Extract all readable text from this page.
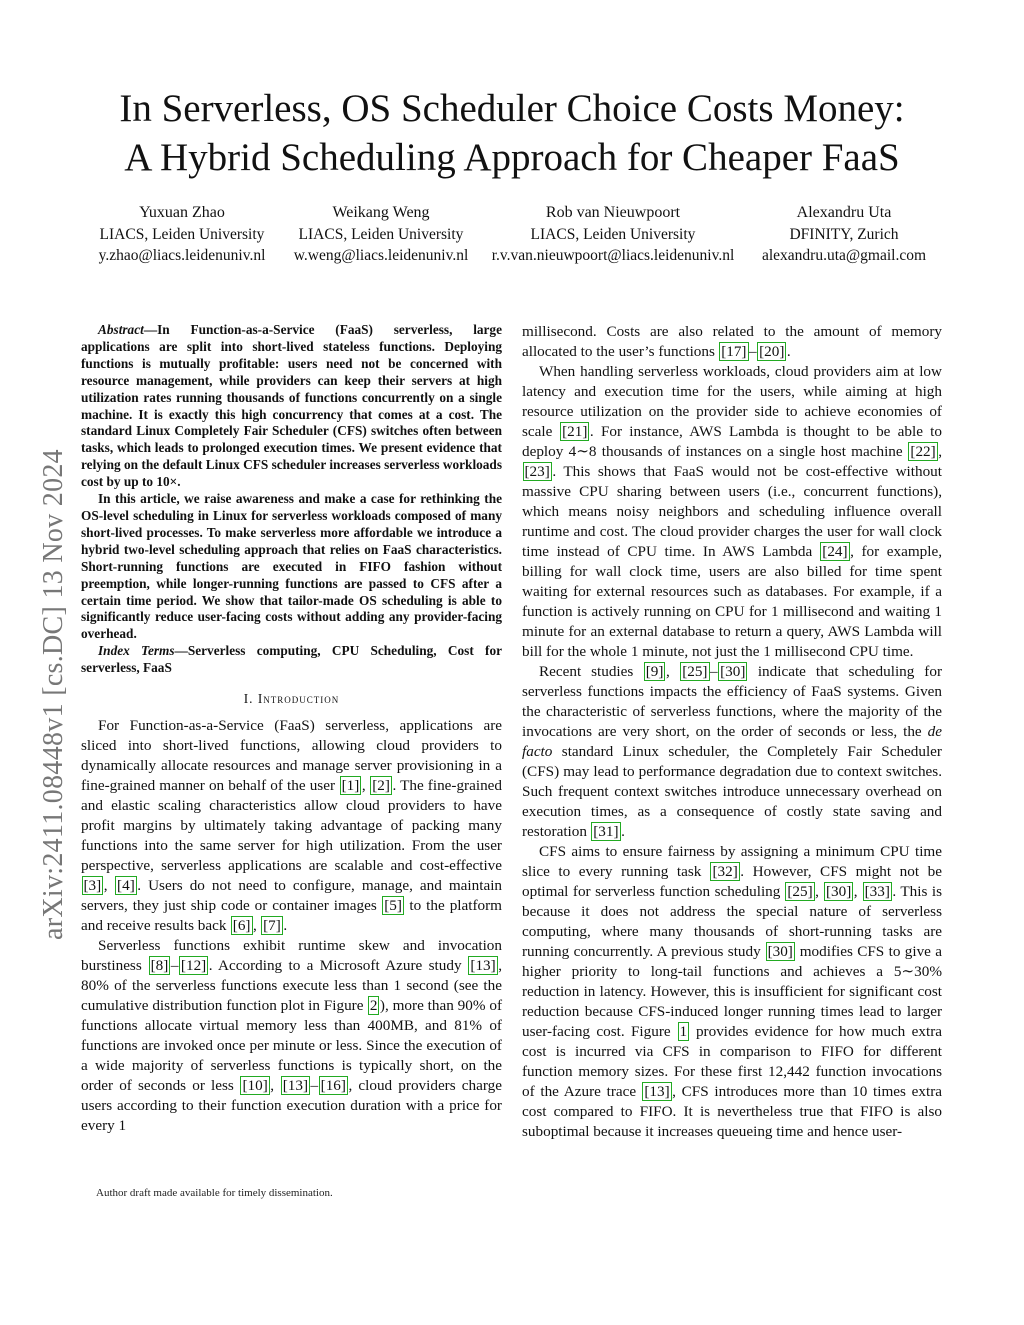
In Serverless, OS Scheduler Choice Costs Money:
A Hybrid Scheduling Approach for Cheaper FaaS
Yuxuan Zhao
LIACS, Leiden University
y.zhao@liacs.leidenuniv.nl
Weikang Weng
LIACS, Leiden University
w.weng@liacs.leidenuniv.nl
Rob van Nieuwpoort
LIACS, Leiden University
r.v.van.nieuwpoort@liacs.leidenuniv.nl
Alexandru Uta
DFINITY, Zurich
alexandru.uta@gmail.com
arXiv:2411.08448v1 [cs.DC] 13 Nov 2024

Abstract—In Function-as-a-Service (FaaS) serverless, large applications are split into short-lived stateless functions. Deploying functions is mutually profitable: users need not be concerned with resource management, while providers can keep their servers at high utilization rates running thousands of functions concurrently on a single machine. It is exactly this high concurrency that comes at a cost. The standard Linux Completely Fair Scheduler (CFS) switches often between tasks, which leads to prolonged execution times. We present evidence that relying on the default Linux CFS scheduler increases serverless workloads cost by up to 10×.

In this article, we raise awareness and make a case for rethinking the OS-level scheduling in Linux for serverless workloads composed of many short-lived processes. To make serverless more affordable we introduce a hybrid two-level scheduling approach that relies on FaaS characteristics. Short-running functions are executed in FIFO fashion without preemption, while longer-running functions are passed to CFS after a certain time period. We show that tailor-made OS scheduling is able to significantly reduce user-facing costs without adding any provider-facing overhead.

Index Terms—Serverless computing, CPU Scheduling, Cost for serverless, FaaS

I. Introduction

For Function-as-a-Service (FaaS) serverless, applications are sliced into short-lived functions, allowing cloud providers to dynamically allocate resources and manage server provisioning in a fine-grained manner on behalf of the user [1] , [2] . The fine-grained and elastic scaling characteristics allow cloud providers to have profit margins by ultimately taking advantage of packing many functions into the same server for high utilization. From the user perspective, serverless applications are scalable and cost-effective [3] , [4] . Users do not need to configure, manage, and maintain servers, they just ship code or container images [5] to the platform and receive results back [6] , [7] .

Serverless functions exhibit runtime skew and invocation burstiness [8] – [12] . According to a Microsoft Azure study [13] , 80% of the serverless functions execute less than 1 second (see the cumulative distribution function plot in Figure 2 ), more than 90% of functions allocate virtual memory less than 400MB, and 81% of functions are invoked once per minute or less. Since the execution of a wide majority of serverless functions is typically short, on the order of seconds or less [10] , [13] – [16] , cloud providers charge users according to their function execution duration with a price for every 1

millisecond. Costs are also related to the amount of memory allocated to the user’s functions [17] – [20] .

When handling serverless workloads, cloud providers aim at low latency and execution time for the users, while aiming at high resource utilization on the provider side to achieve economies of scale [21] . For instance, AWS Lambda is thought to be able to deploy 4∼8 thousands of instances on a single host machine [22] , [23] . This shows that FaaS would not be cost-effective without massive CPU sharing between users (i.e., concurrent functions), which means noisy neighbors and scheduling influence overall runtime and cost. The cloud provider charges the user for wall clock time instead of CPU time. In AWS Lambda [24] , for example, billing for wall clock time, users are also billed for time spent waiting for external resources such as databases. For example, if a function is actively running on CPU for 1 millisecond and waiting 1 minute for an external database to return a query, AWS Lambda will bill for the whole 1 minute, not just the 1 millisecond CPU time.

Recent studies [9] , [25] – [30] indicate that scheduling for serverless functions impacts the efficiency of FaaS systems. Given the characteristic of serverless functions, where the majority of the invocations are very short, on the order of seconds or less, the de facto standard Linux scheduler, the Completely Fair Scheduler (CFS) may lead to performance degradation due to context switches. Such frequent context switches introduce unnecessary overhead on execution times, as a consequence of costly state saving and restoration [31] .

CFS aims to ensure fairness by assigning a minimum CPU time slice to every running task [32] . However, CFS might not be optimal for serverless function scheduling [25] , [30] , [33] . This is because it does not address the special nature of serverless computing, where many thousands of short-running tasks are running concurrently. A previous study [30] modifies CFS to give a higher priority to long-tail functions and achieves a 5∼30% reduction in latency. However, this is insufficient for significant cost reduction because CFS-induced longer running times lead to larger user-facing cost. Figure 1 provides evidence for how much extra cost is incurred via CFS in comparison to FIFO for different function memory sizes. For these first 12,442 function invocations of the Azure trace [13] , CFS introduces more than 10 times extra cost compared to FIFO. It is nevertheless true that FIFO is also suboptimal because it increases queueing time and hence user-

Author draft made available for timely dissemination.
